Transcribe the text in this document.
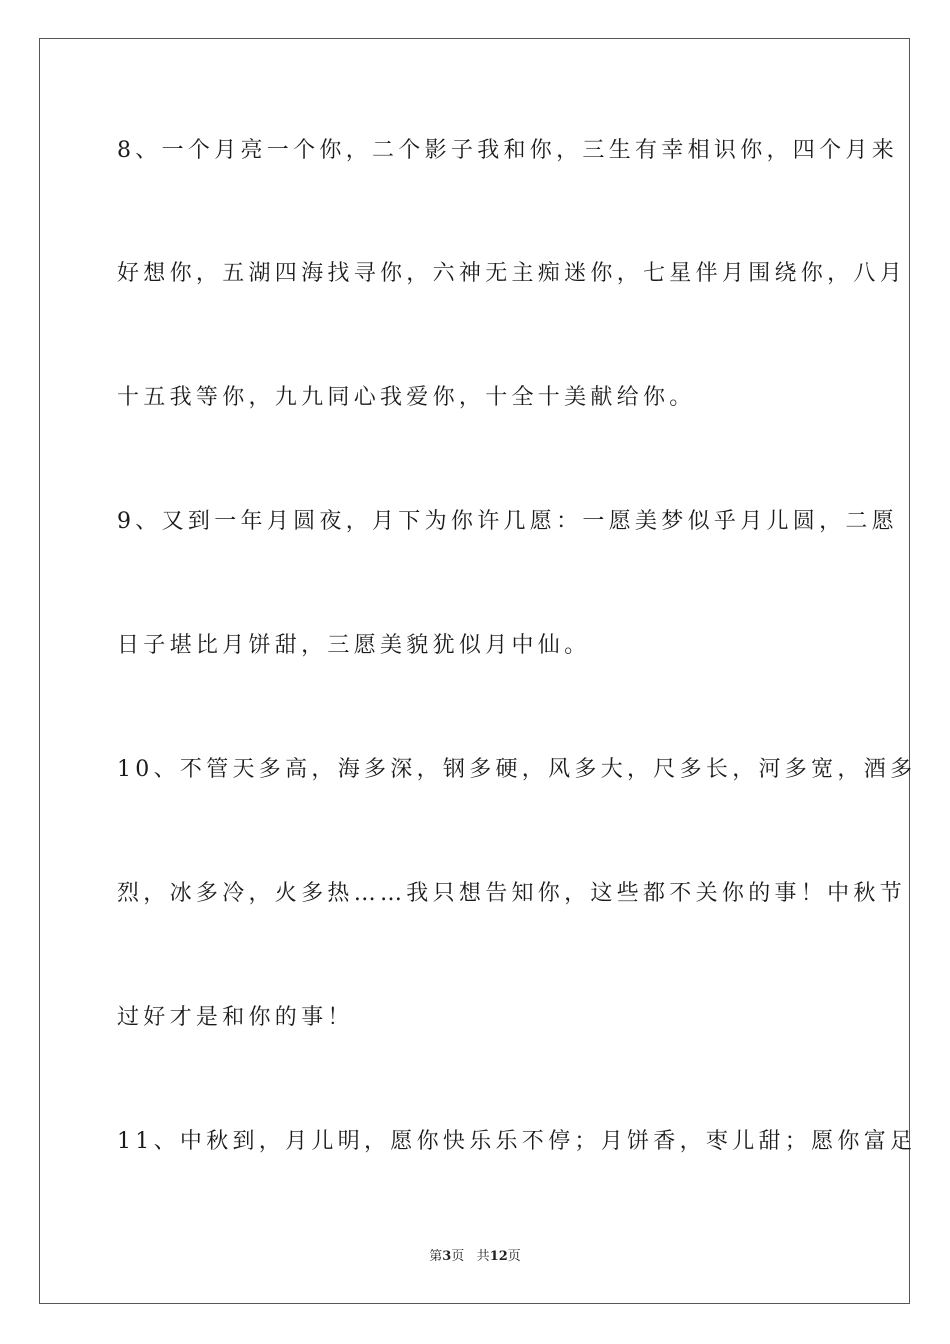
8、一个月亮一个你，二个影子我和你，三生有幸相识你，四个月来
好想你，五湖四海找寻你，六神无主痴迷你，七星伴月围绕你，八月
十五我等你，九九同心我爱你，十全十美献给你。
9、又到一年月圆夜，月下为你许几愿：一愿美梦似乎月儿圆，二愿
日子堪比月饼甜，三愿美貌犹似月中仙。
10、不管天多高，海多深，钢多硬，风多大，尺多长，河多宽，酒多
烈，冰多冷，火多热……我只想告知你，这些都不关你的事！中秋节
过好才是和你的事！
11、中秋到，月儿明，愿你快乐乐不停；月饼香，枣儿甜；愿你富足
第3页 共12页
